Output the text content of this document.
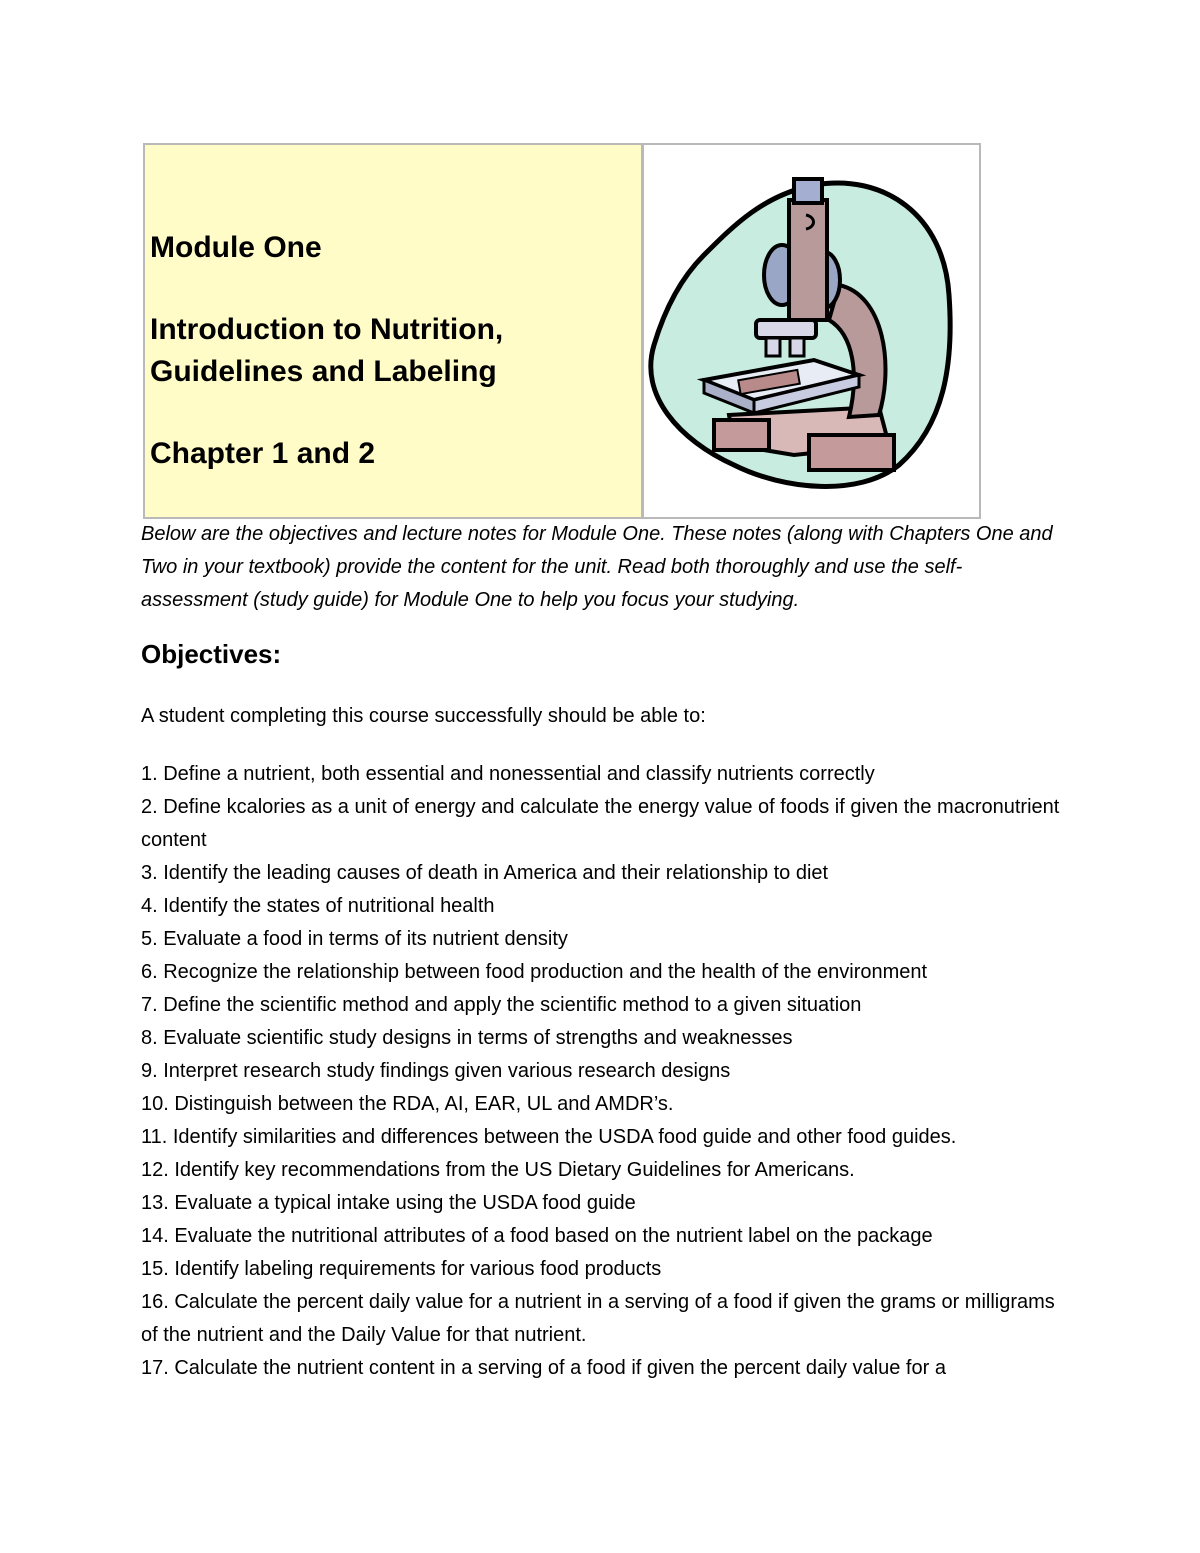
Module One

Introduction to Nutrition,

Guidelines and Labeling

Chapter 1 and 2

Below are the objectives and lecture notes for Module One. These notes (along with Chapters One and Two in your textbook) provide the content for the unit. Read both thoroughly and use the self-assessment (study guide) for Module One to help you focus your studying.
Objectives:
A student completing this course successfully should be able to:
1. Define a nutrient, both essential and nonessential and classify nutrients correctly
2. Define kcalories as a unit of energy and calculate the energy value of foods if given the macronutrient content
3. Identify the leading causes of death in America and their relationship to diet
4. Identify the states of nutritional health
5. Evaluate a food in terms of its nutrient density
6. Recognize the relationship between food production and the health of the environment
7. Define the scientific method and apply the scientific method to a given situation
8. Evaluate scientific study designs in terms of strengths and weaknesses
9. Interpret research study findings given various research designs
10. Distinguish between the RDA, AI, EAR, UL and AMDR’s.
11. Identify similarities and differences between the USDA food guide and other food guides.
12. Identify key recommendations from the US Dietary Guidelines for Americans.
13. Evaluate a typical intake using the USDA food guide
14. Evaluate the nutritional attributes of a food based on the nutrient label on the package
15. Identify labeling requirements for various food products
16. Calculate the percent daily value for a nutrient in a serving of a food if given the grams or milligrams of the nutrient and the Daily Value for that nutrient.
17. Calculate the nutrient content in a serving of a food if given the percent daily value for a
